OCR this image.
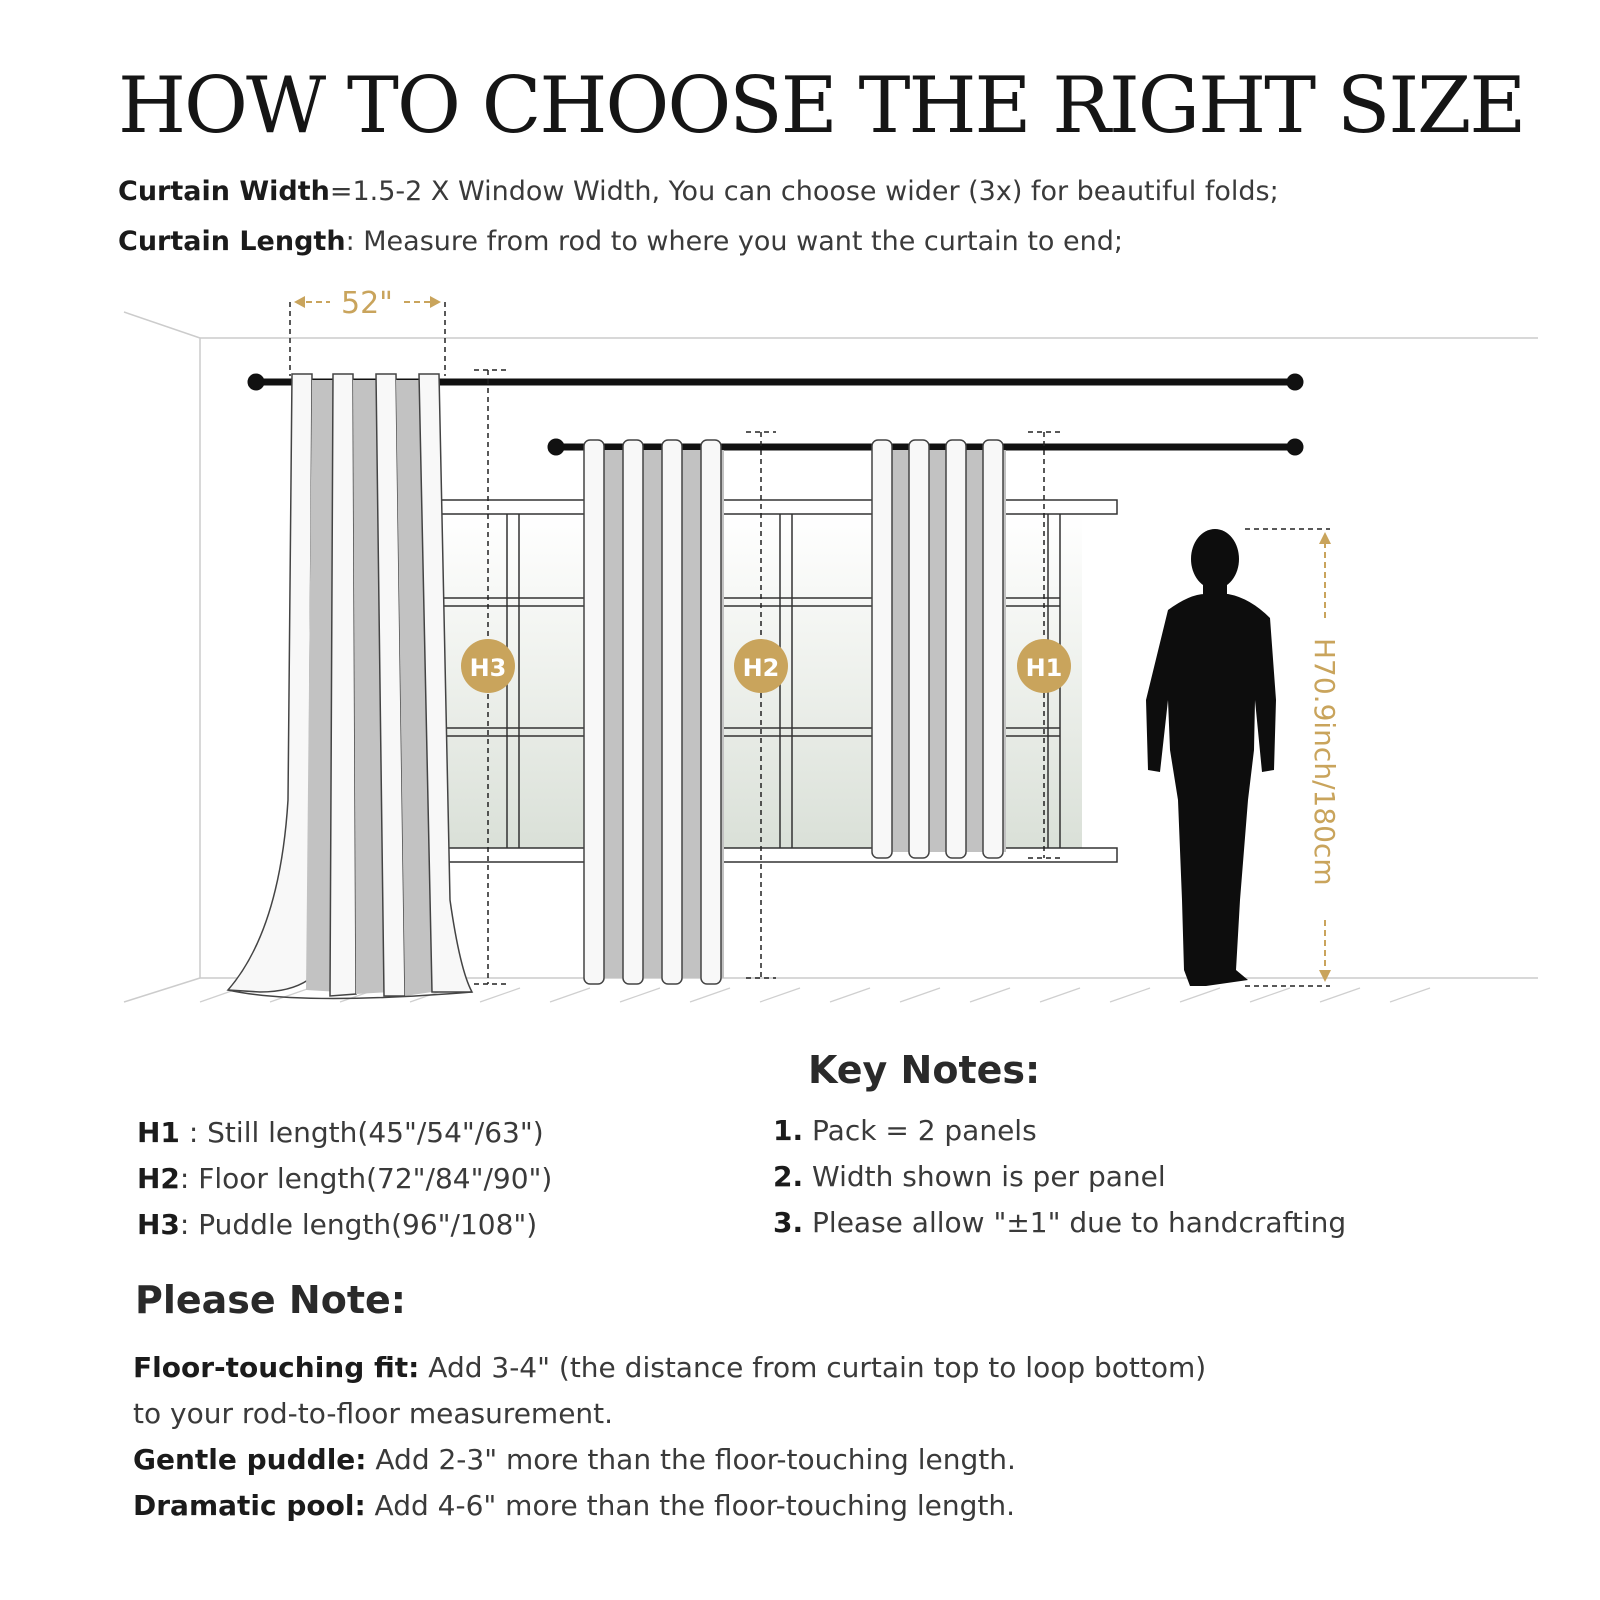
HOW TO CHOOSE THE RIGHT SIZE
Curtain Width=1.5-2 X Window Width, You can choose wider (3x) for beautiful folds;
Curtain Length: Measure from rod to where you want the curtain to end;
52"
H3	H2	H1	H70.9inch/180cm
Key Notes:
H1 : Still length(45"/54"/63")
H2: Floor length(72"/84"/90")
H3: Puddle length(96"/108")
1. Pack = 2 panels
2. Width shown is per panel
3. Please allow "±1" due to handcrafting
Please Note:
Floor-touching fit: Add 3-4" (the distance from curtain top to loop bottom)
to your rod-to-floor measurement.
Gentle puddle: Add 2-3" more than the floor-touching length.
Dramatic pool: Add 4-6" more than the floor-touching length.
